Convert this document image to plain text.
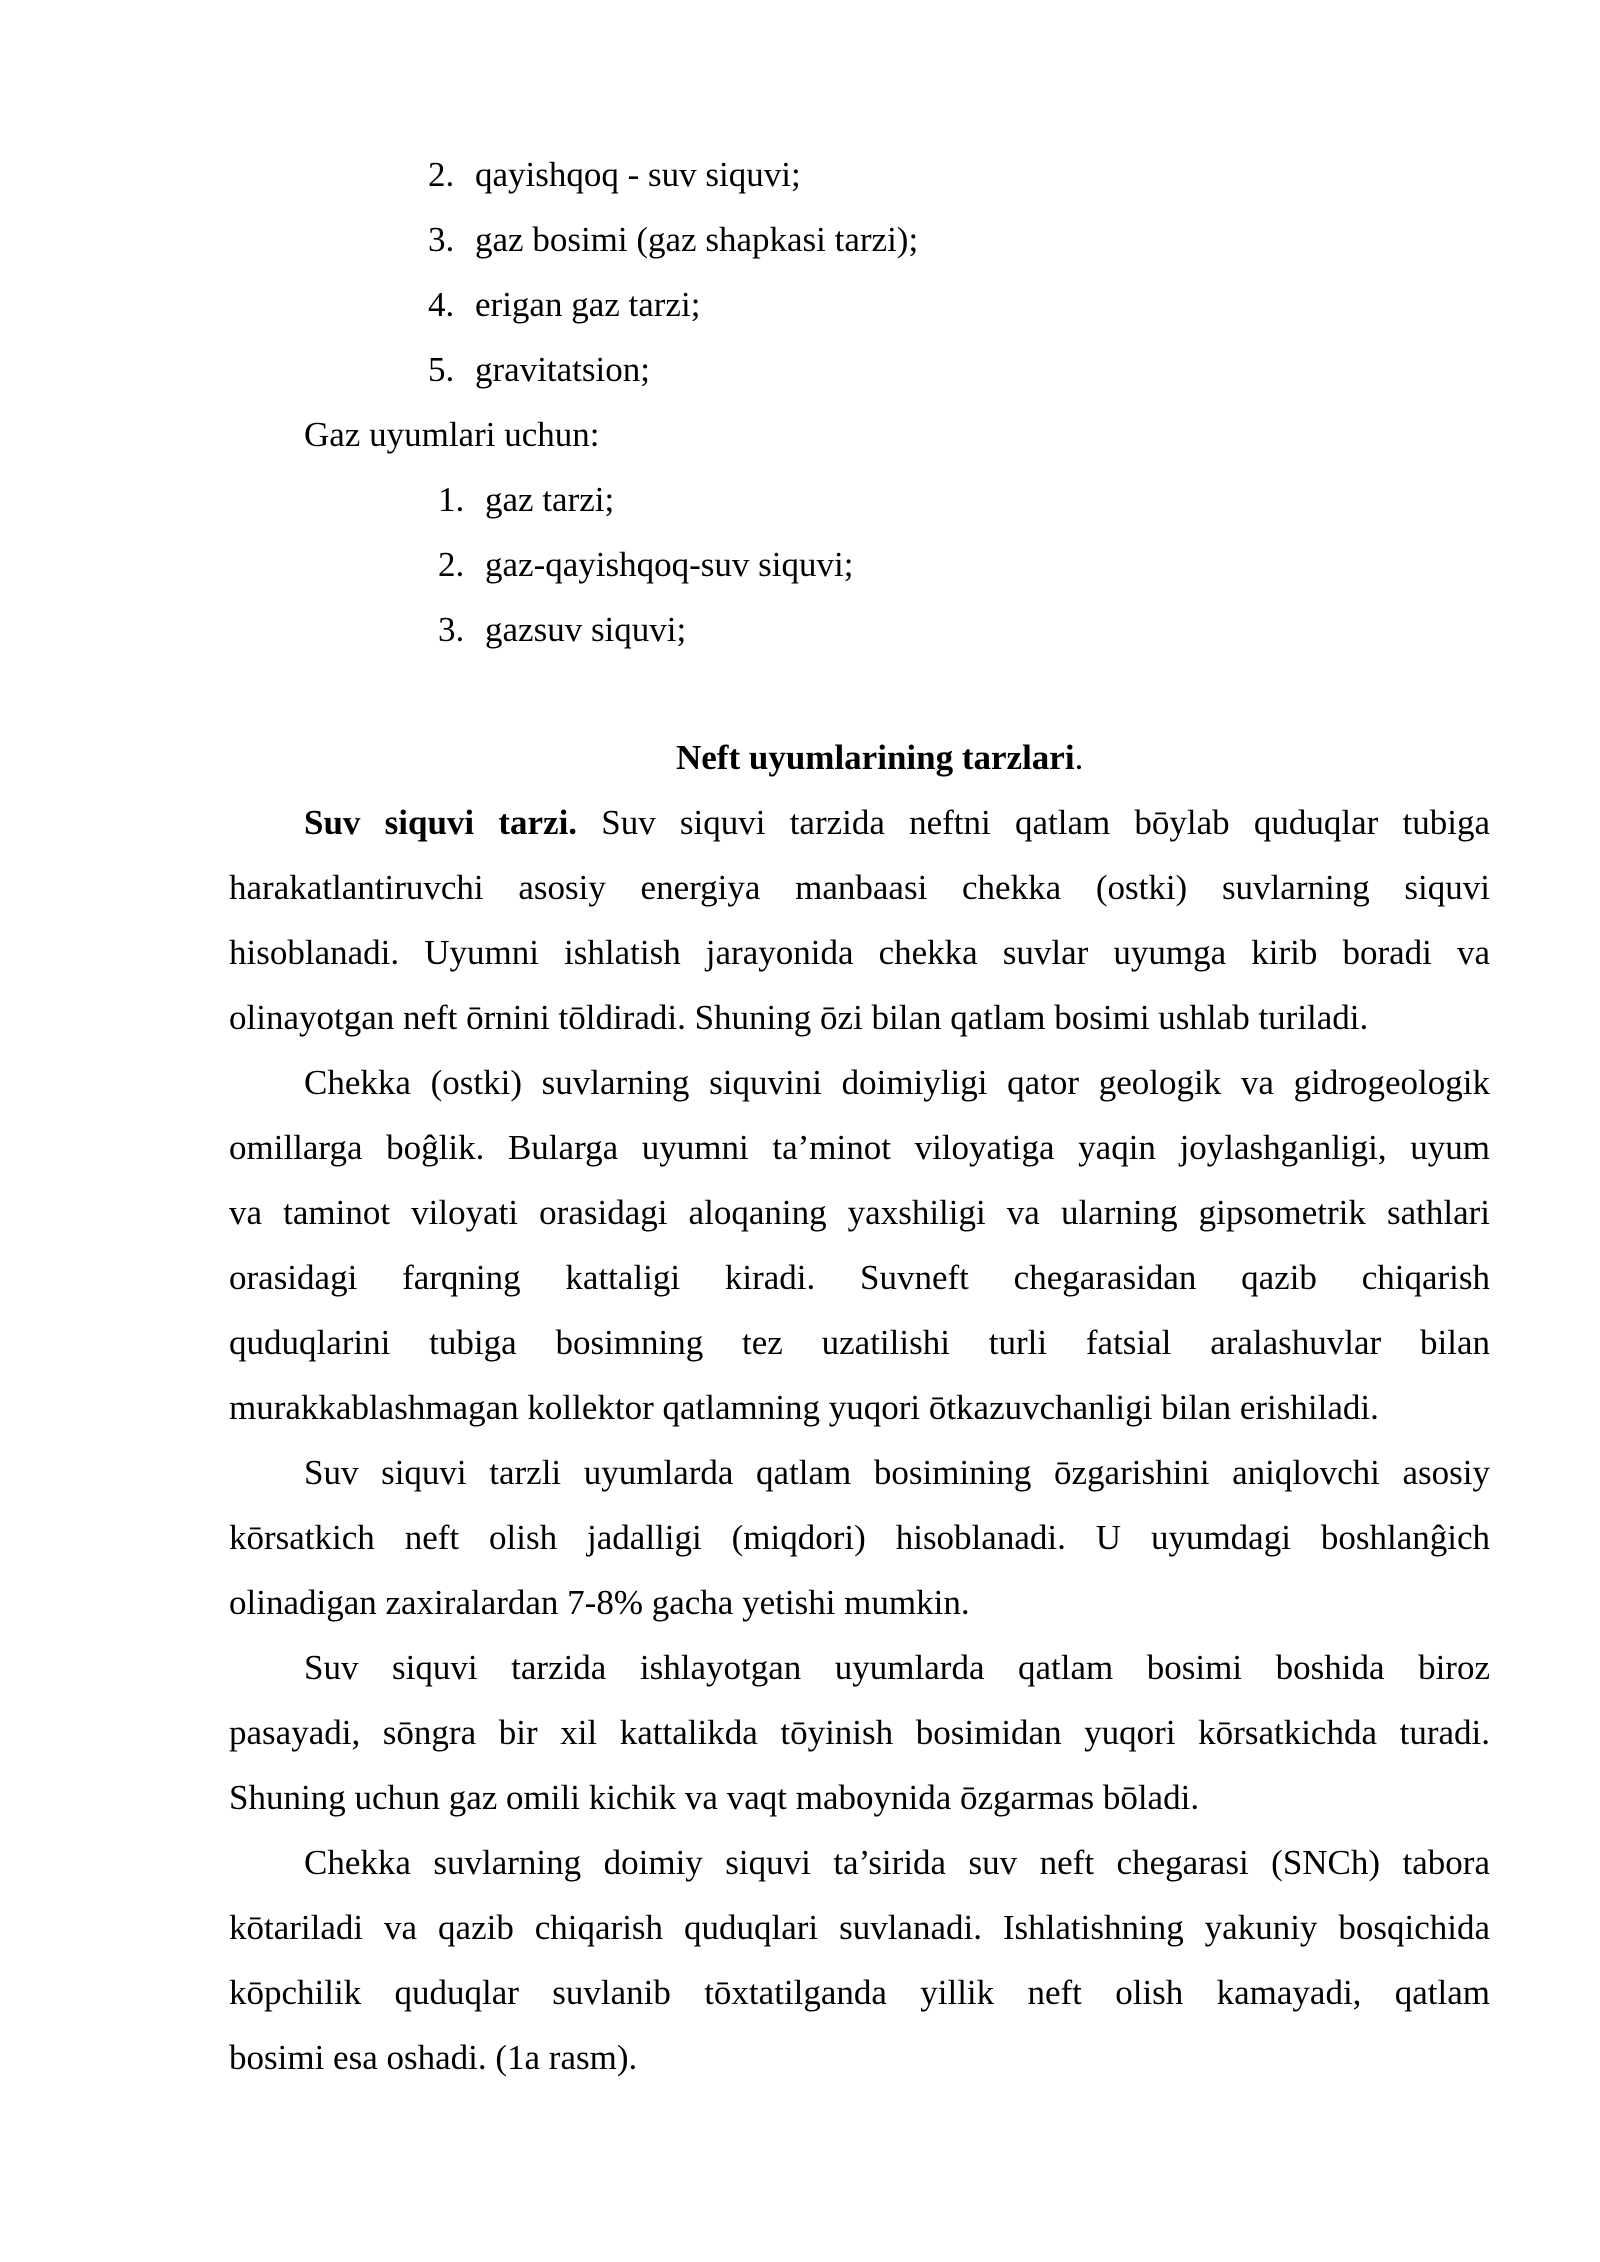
2. qayishqoq - suv siquvi;
3. gaz bosimi (gaz shapkasi tarzi);
4. erigan gaz tarzi;
5. gravitatsion;
Gaz uyumlari uchun:
1. gaz tarzi;
2. gaz-qayishqoq-suv siquvi;
3. gazsuv siquvi;
Neft uyumlarining tarzlari.
Suv siquvi tarzi. Suv siquvi tarzida neftni qatlam bōylab quduqlar tubiga
harakatlantiruvchi asosiy energiya manbaasi chekka (ostki) suvlarning siquvi
hisoblanadi. Uyumni ishlatish jarayonida chekka suvlar uyumga kirib boradi va
olinayotgan neft ōrnini tōldiradi. Shuning ōzi bilan qatlam bosimi ushlab turiladi.
Chekka (ostki) suvlarning siquvini doimiyligi qator geologik va gidrogeologik
omillarga boĝlik. Bularga uyumni ta’minot viloyatiga yaqin joylashganligi, uyum
va taminot viloyati orasidagi aloqaning yaxshiligi va ularning gipsometrik sathlari
orasidagi farqning kattaligi kiradi. Suvneft chegarasidan qazib chiqarish
quduqlarini tubiga bosimning tez uzatilishi turli fatsial aralashuvlar bilan
murakkablashmagan kollektor qatlamning yuqori ōtkazuvchanligi bilan erishiladi.
Suv siquvi tarzli uyumlarda qatlam bosimining ōzgarishini aniqlovchi asosiy
kōrsatkich neft olish jadalligi (miqdori) hisoblanadi. U uyumdagi boshlanĝich
olinadigan zaxiralardan 7-8% gacha yetishi mumkin.
Suv siquvi tarzida ishlayotgan uyumlarda qatlam bosimi boshida biroz
pasayadi, sōngra bir xil kattalikda tōyinish bosimidan yuqori kōrsatkichda turadi.
Shuning uchun gaz omili kichik va vaqt maboynida ōzgarmas bōladi.
Chekka suvlarning doimiy siquvi ta’sirida suv neft chegarasi (SNCh) tabora
kōtariladi va qazib chiqarish quduqlari suvlanadi. Ishlatishning yakuniy bosqichida
kōpchilik quduqlar suvlanib tōxtatilganda yillik neft olish kamayadi, qatlam
bosimi esa oshadi. (1a rasm).
